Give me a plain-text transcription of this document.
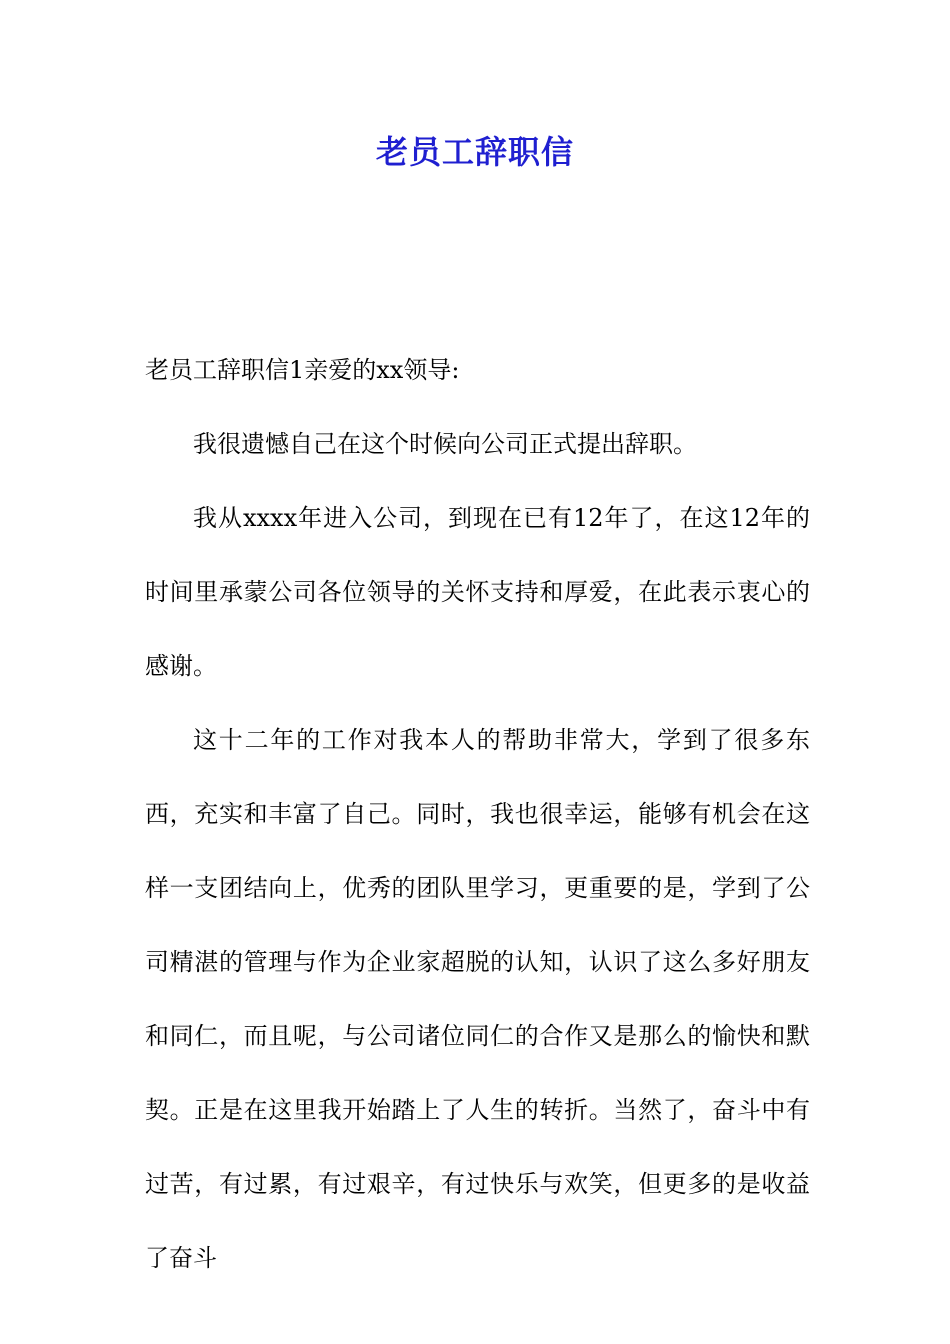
老员工辞职信

老员工辞职信1亲爱的xx领导:

我很遗憾自己在这个时候向公司正式提出辞职。

我从xxxx年进入公司，到现在已有12年了，在这12年的时间里承蒙公司各位领导的关怀支持和厚爱，在此表示衷心的感谢。

这十二年的工作对我本人的帮助非常大，学到了很多东西，充实和丰富了自己。同时，我也很幸运，能够有机会在这样一支团结向上，优秀的团队里学习，更重要的是，学到了公司精湛的管理与作为企业家超脱的认知，认识了这么多好朋友和同仁，而且呢，与公司诸位同仁的合作又是那么的愉快和默契。正是在这里我开始踏上了人生的转折。当然了，奋斗中有过苦，有过累，有过艰辛，有过快乐与欢笑，但更多的是收益了奋斗
